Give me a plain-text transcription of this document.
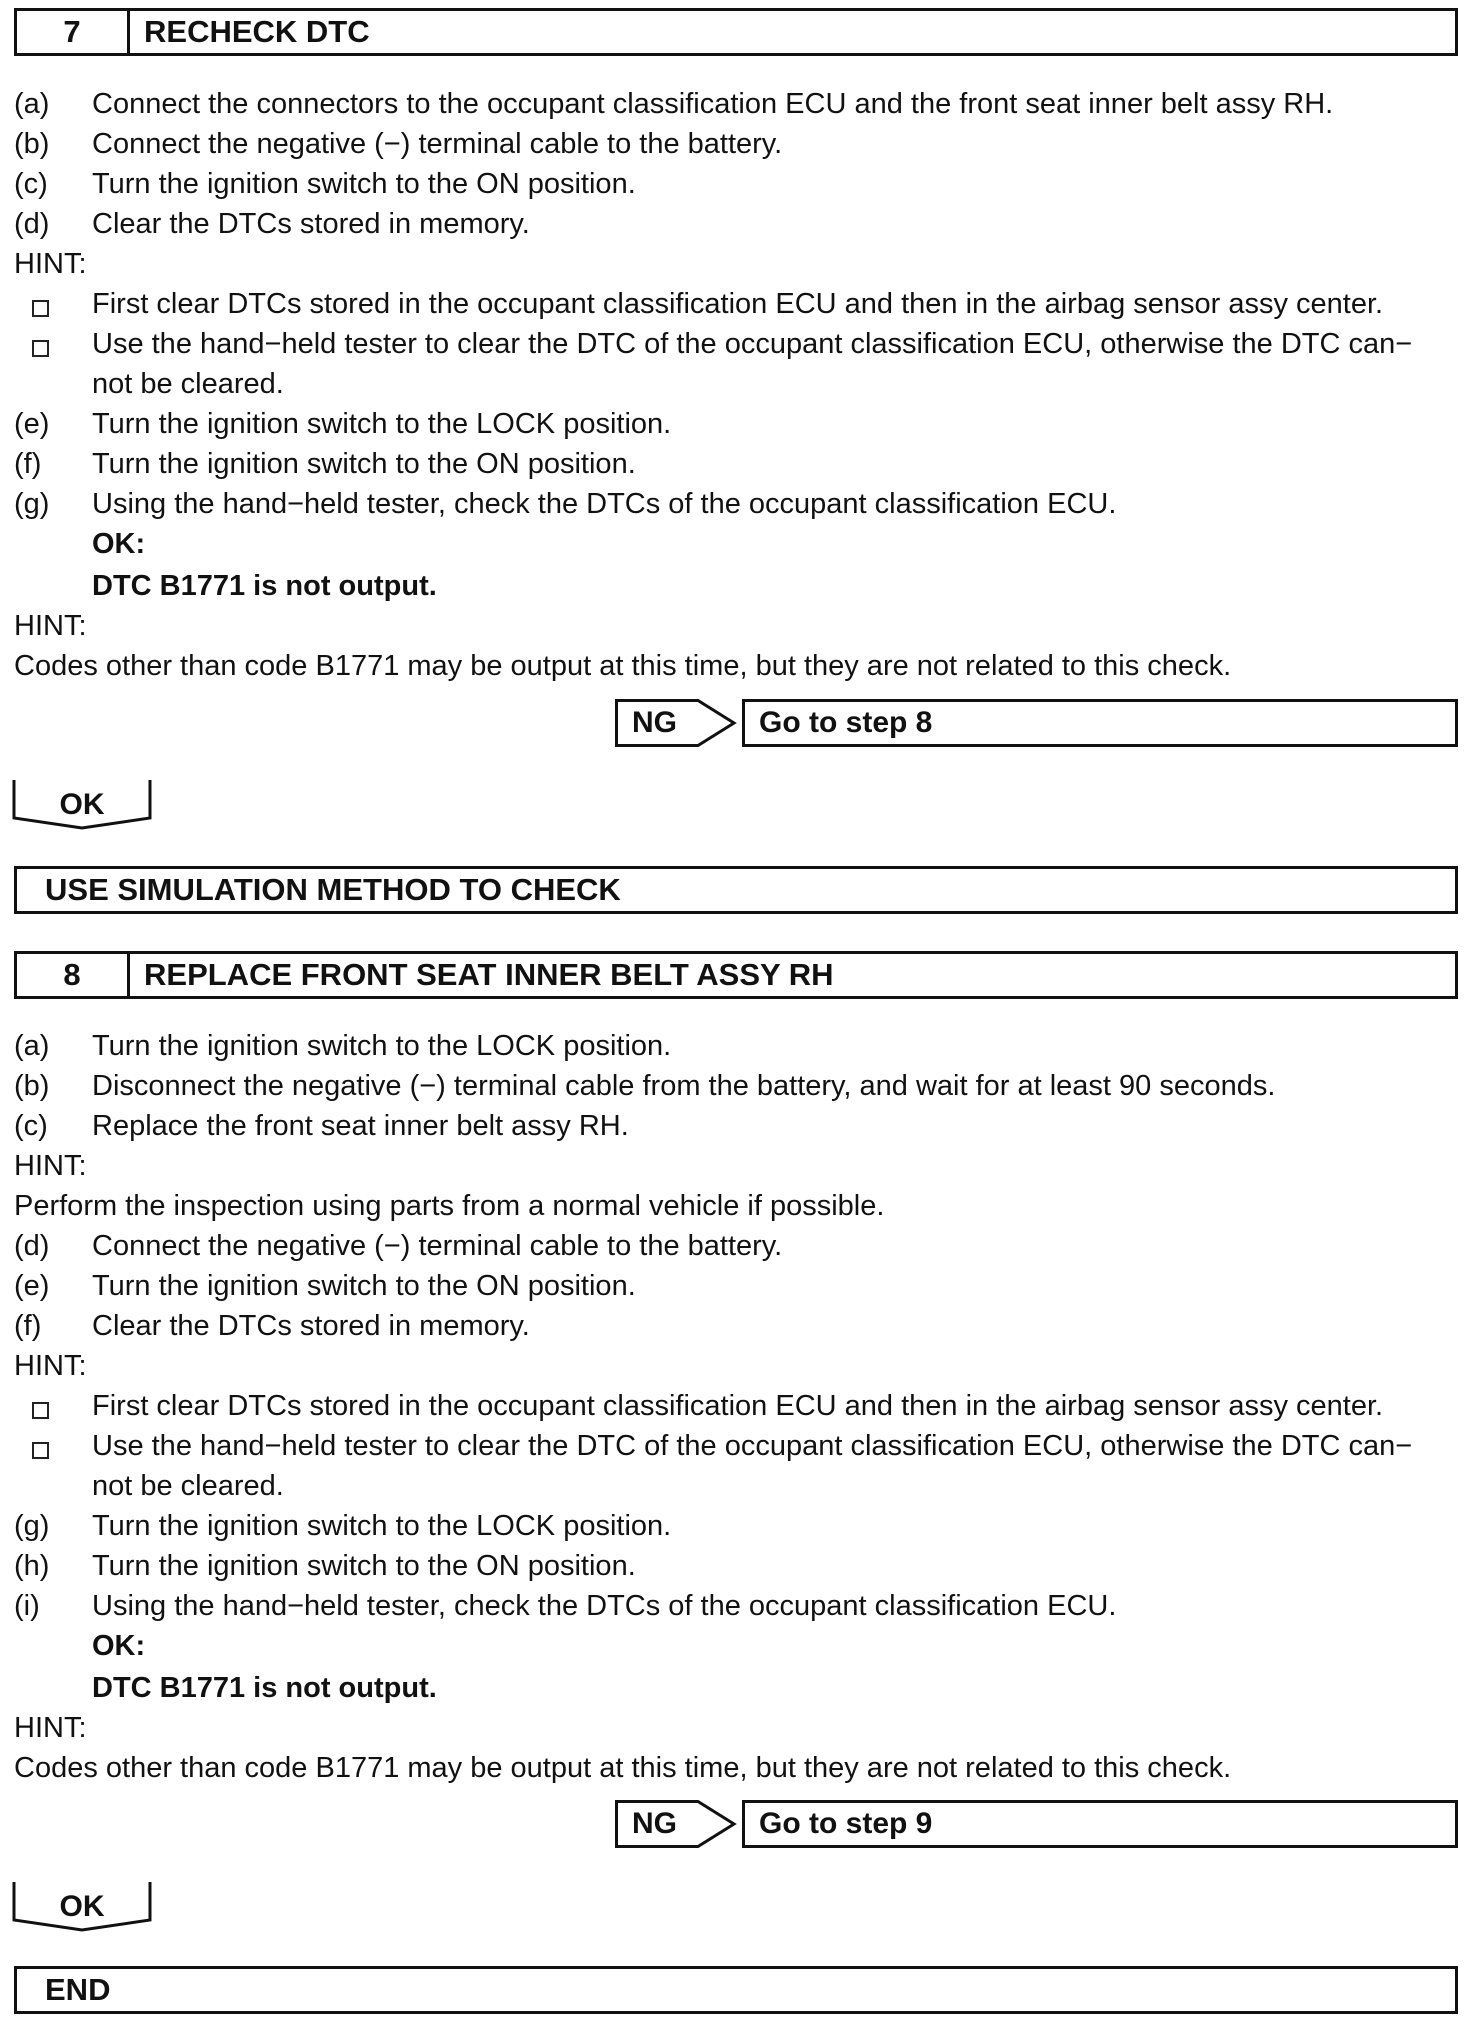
7	RECHECK DTC
(a) Connect the connectors to the occupant classification ECU and the front seat inner belt assy RH.
(b) Connect the negative (−) terminal cable to the battery.
(c) Turn the ignition switch to the ON position.
(d) Clear the DTCs stored in memory.
HINT:
First clear DTCs stored in the occupant classification ECU and then in the airbag sensor assy center.
Use the hand−held tester to clear the DTC of the occupant classification ECU, otherwise the DTC can−
not be cleared.
(e) Turn the ignition switch to the LOCK position.
(f) Turn the ignition switch to the ON position.
(g) Using the hand−held tester, check the DTCs of the occupant classification ECU.
OK:
DTC B1771 is not output.
HINT:
Codes other than code B1771 may be output at this time, but they are not related to this check.
NG	Go to step 8
OK
USE SIMULATION METHOD TO CHECK
8	REPLACE FRONT SEAT INNER BELT ASSY RH
(a) Turn the ignition switch to the LOCK position.
(b) Disconnect the negative (−) terminal cable from the battery, and wait for at least 90 seconds.
(c) Replace the front seat inner belt assy RH.
HINT:
Perform the inspection using parts from a normal vehicle if possible.
(d) Connect the negative (−) terminal cable to the battery.
(e) Turn the ignition switch to the ON position.
(f) Clear the DTCs stored in memory.
HINT:
First clear DTCs stored in the occupant classification ECU and then in the airbag sensor assy center.
Use the hand−held tester to clear the DTC of the occupant classification ECU, otherwise the DTC can−
not be cleared.
(g) Turn the ignition switch to the LOCK position.
(h) Turn the ignition switch to the ON position.
(i) Using the hand−held tester, check the DTCs of the occupant classification ECU.
OK:
DTC B1771 is not output.
HINT:
Codes other than code B1771 may be output at this time, but they are not related to this check.
NG	Go to step 9
OK
END
